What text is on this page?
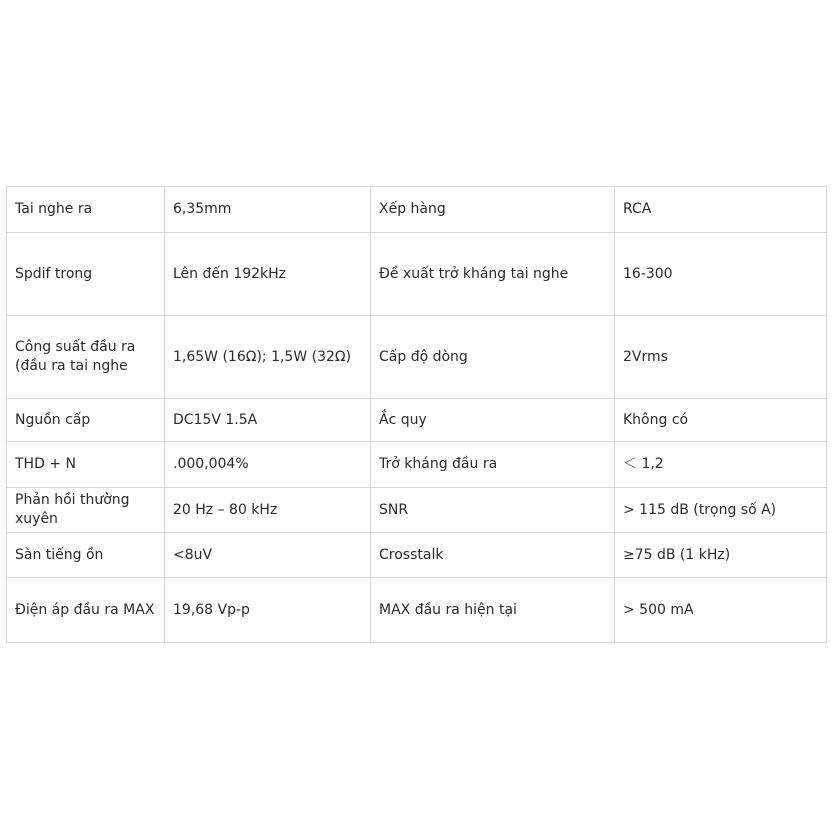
Tai nghe ra	6,35mm	Xếp hàng	RCA
Spdif trong	Lên đến 192kHz	Đề xuất trở kháng tai nghe	16-300
Công suất đầu ra (đầu ra tai nghe	1,65W (16Ω); 1,5W (32Ω)	Cấp độ dòng	2Vrms
Nguồn cấp	DC15V 1.5A	Ắc quy	Không có
THD + N	.000,004%	Trở kháng đầu ra	＜ 1,2
Phản hồi thường xuyên	20 Hz – 80 kHz	SNR	> 115 dB (trọng số A)
Sàn tiếng ồn	<8uV	Crosstalk	≥75 dB (1 kHz)
Điện áp đầu ra MAX	19,68 Vp-p	MAX đầu ra hiện tại	> 500 mA
